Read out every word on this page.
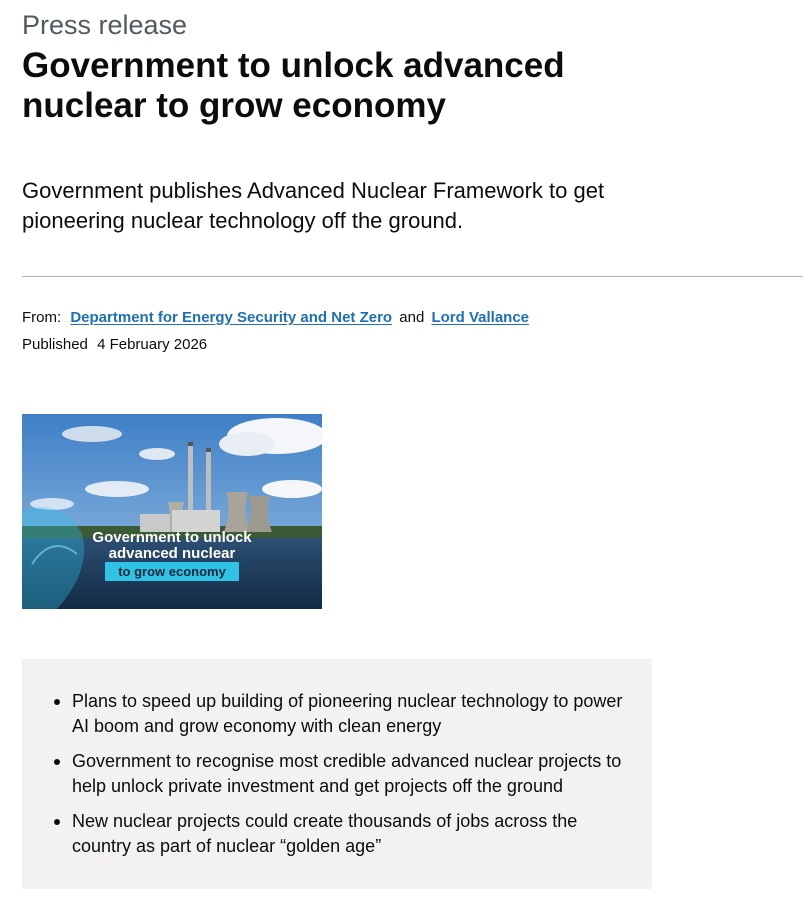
Press release
Government to unlock advanced nuclear to grow economy

Government publishes Advanced Nuclear Framework to get pioneering nuclear technology off the ground.

From: Department for Energy Security and Net Zero and Lord Vallance
Published 4 February 2026
Government to unlock
advanced nuclear
to grow economy
Plans to speed up building of pioneering nuclear technology to power AI boom and grow economy with clean energy
Government to recognise most credible advanced nuclear projects to help unlock private investment and get projects off the ground
New nuclear projects could create thousands of jobs across the country as part of nuclear “golden age”
